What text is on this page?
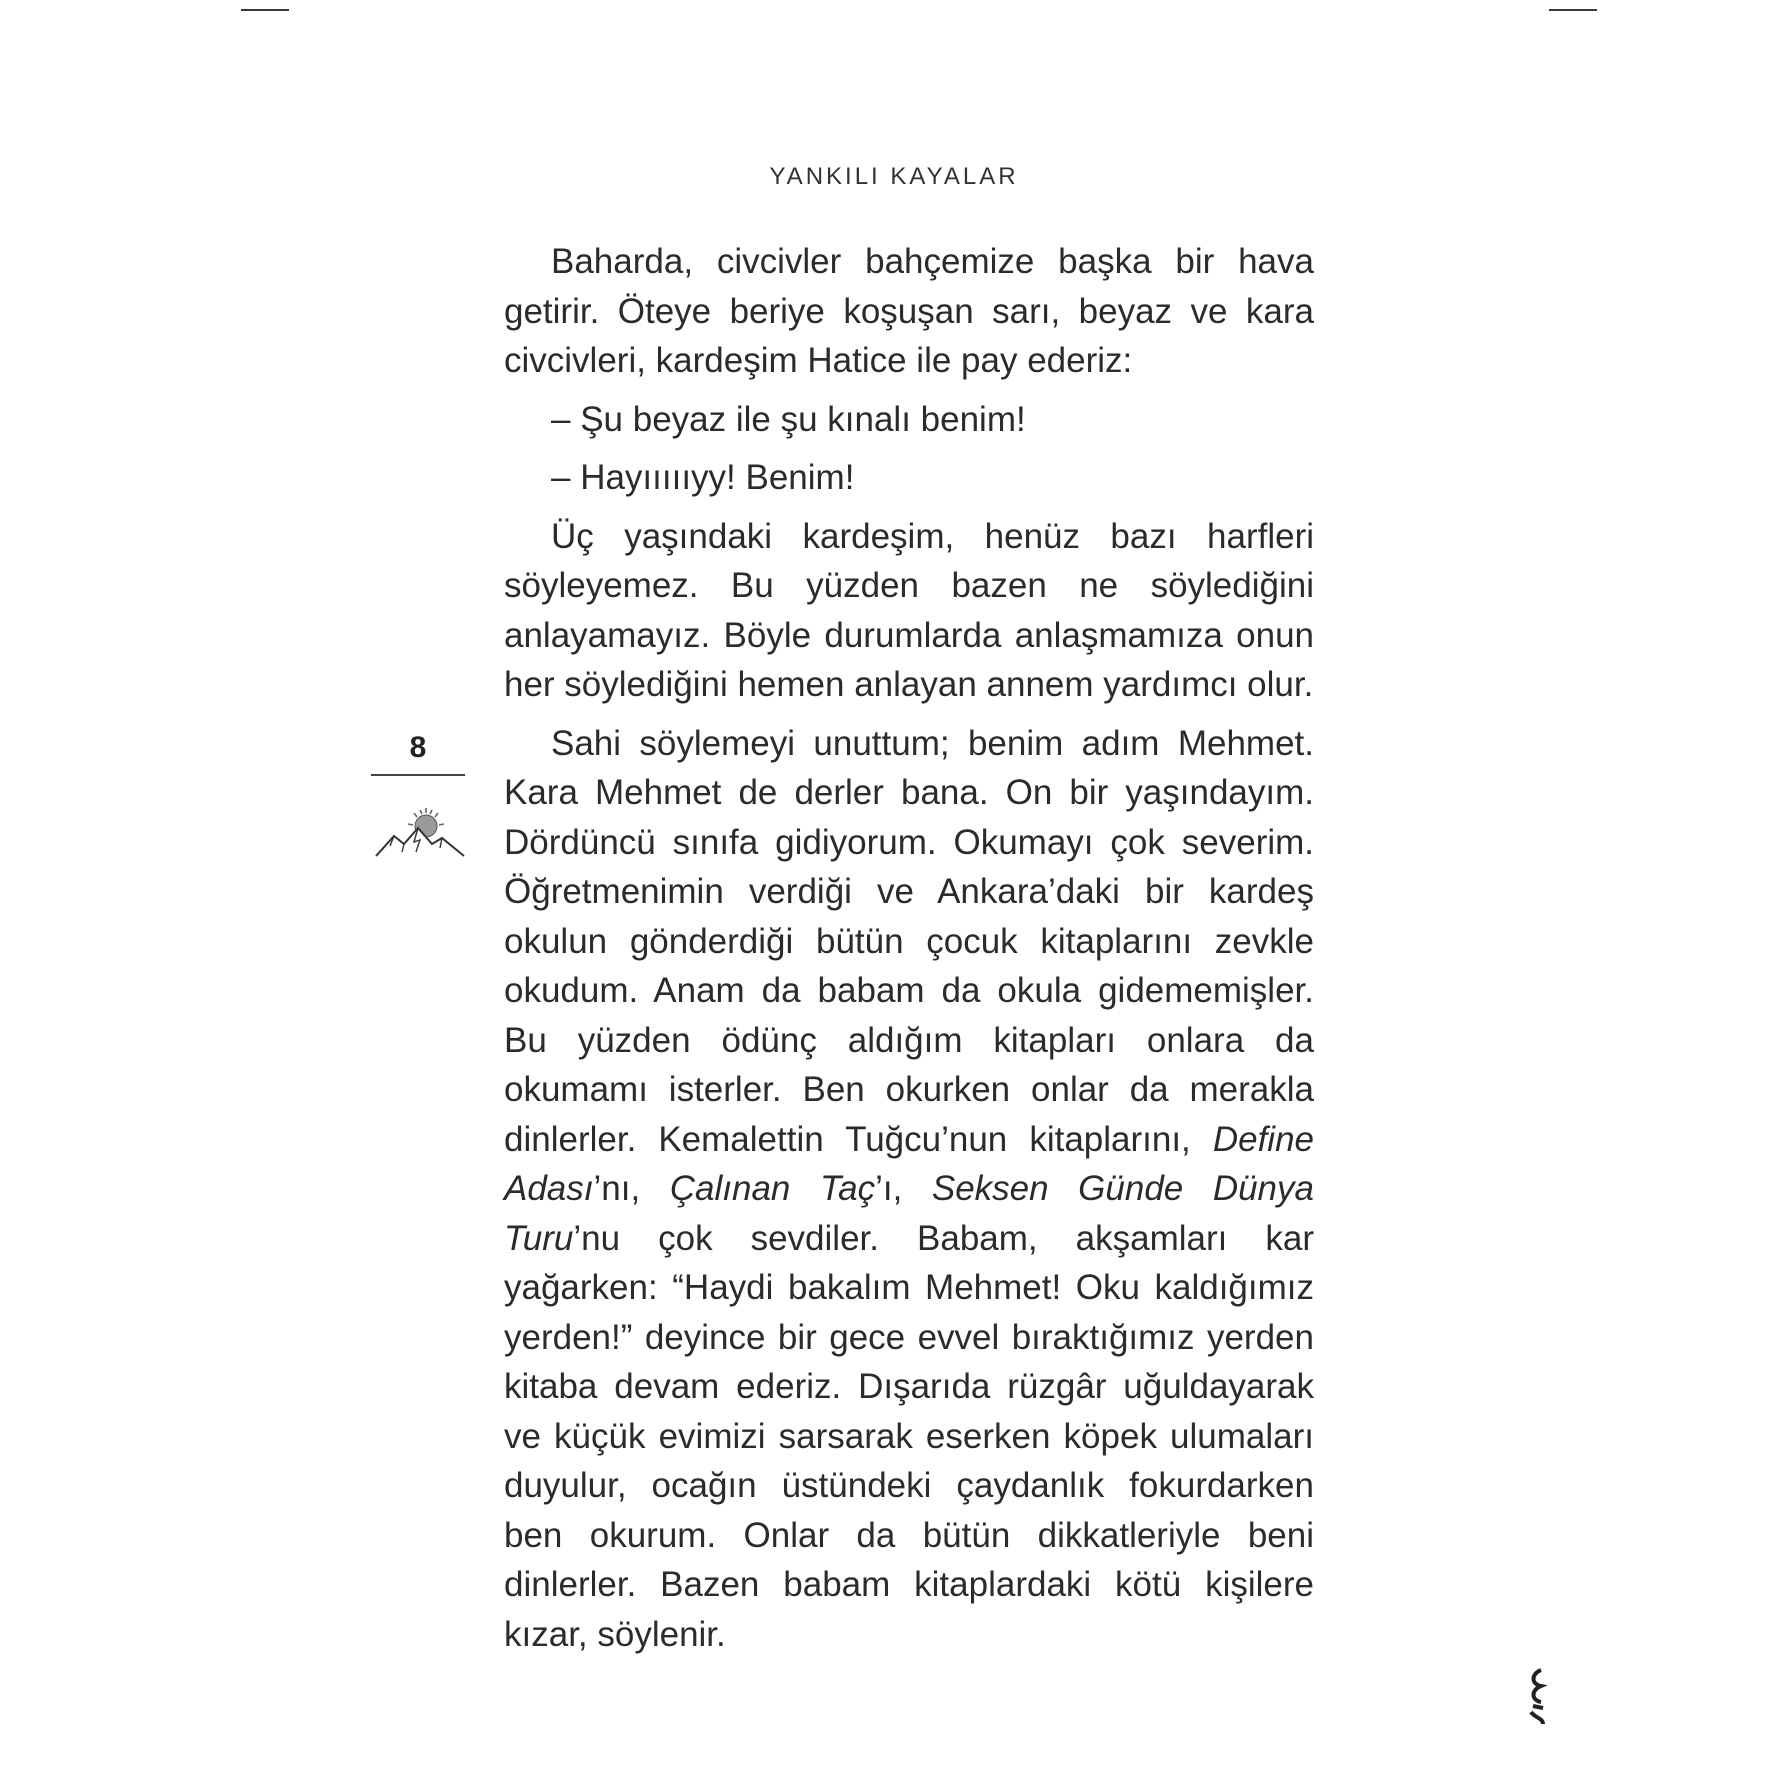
YANKILI KAYALAR
8

Baharda, civcivler bahçemize başka bir hava getirir. Öteye beriye koşuşan sarı, beyaz ve kara civcivleri, kardeşim Hatice ile pay ederiz:

– Şu beyaz ile şu kınalı benim!

– Hayıııııyy! Benim!

Üç yaşındaki kardeşim, henüz bazı harfleri söyleyemez. Bu yüzden bazen ne söylediğini anlayamayız. Böyle durumlarda anlaşmamıza onun her söylediğini hemen anlayan annem yardımcı olur.

Sahi söylemeyi unuttum; benim adım Mehmet. Kara Mehmet de derler bana. On bir yaşındayım. Dördüncü sınıfa gidiyorum. Okumayı çok severim. Öğretmenimin verdiği ve Ankara’daki bir kardeş okulun gönderdiği bütün çocuk kitaplarını zevkle okudum. Anam da babam da okula gidememişler. Bu yüzden ödünç aldığım kitapları onlara da okumamı isterler. Ben okurken onlar da merakla dinlerler. Kemalettin Tuğcu’nun kitaplarını, Define Adası’nı, Çalınan Taç’ı, Seksen Günde Dünya Turu’nu çok sevdiler. Babam, akşamları kar yağarken: “Haydi bakalım Mehmet! Oku kaldığımız yerden!” deyince bir gece evvel bıraktığımız yerden kitaba devam ederiz. Dışarıda rüzgâr uğuldayarak ve küçük evimizi sarsarak eserken köpek ulumaları duyulur, ocağın üstündeki çaydanlık fokurdarken ben okurum. Onlar da bütün dikkatleriyle beni dinlerler. Bazen babam kitaplardaki kötü kişilere kızar, söylenir.
